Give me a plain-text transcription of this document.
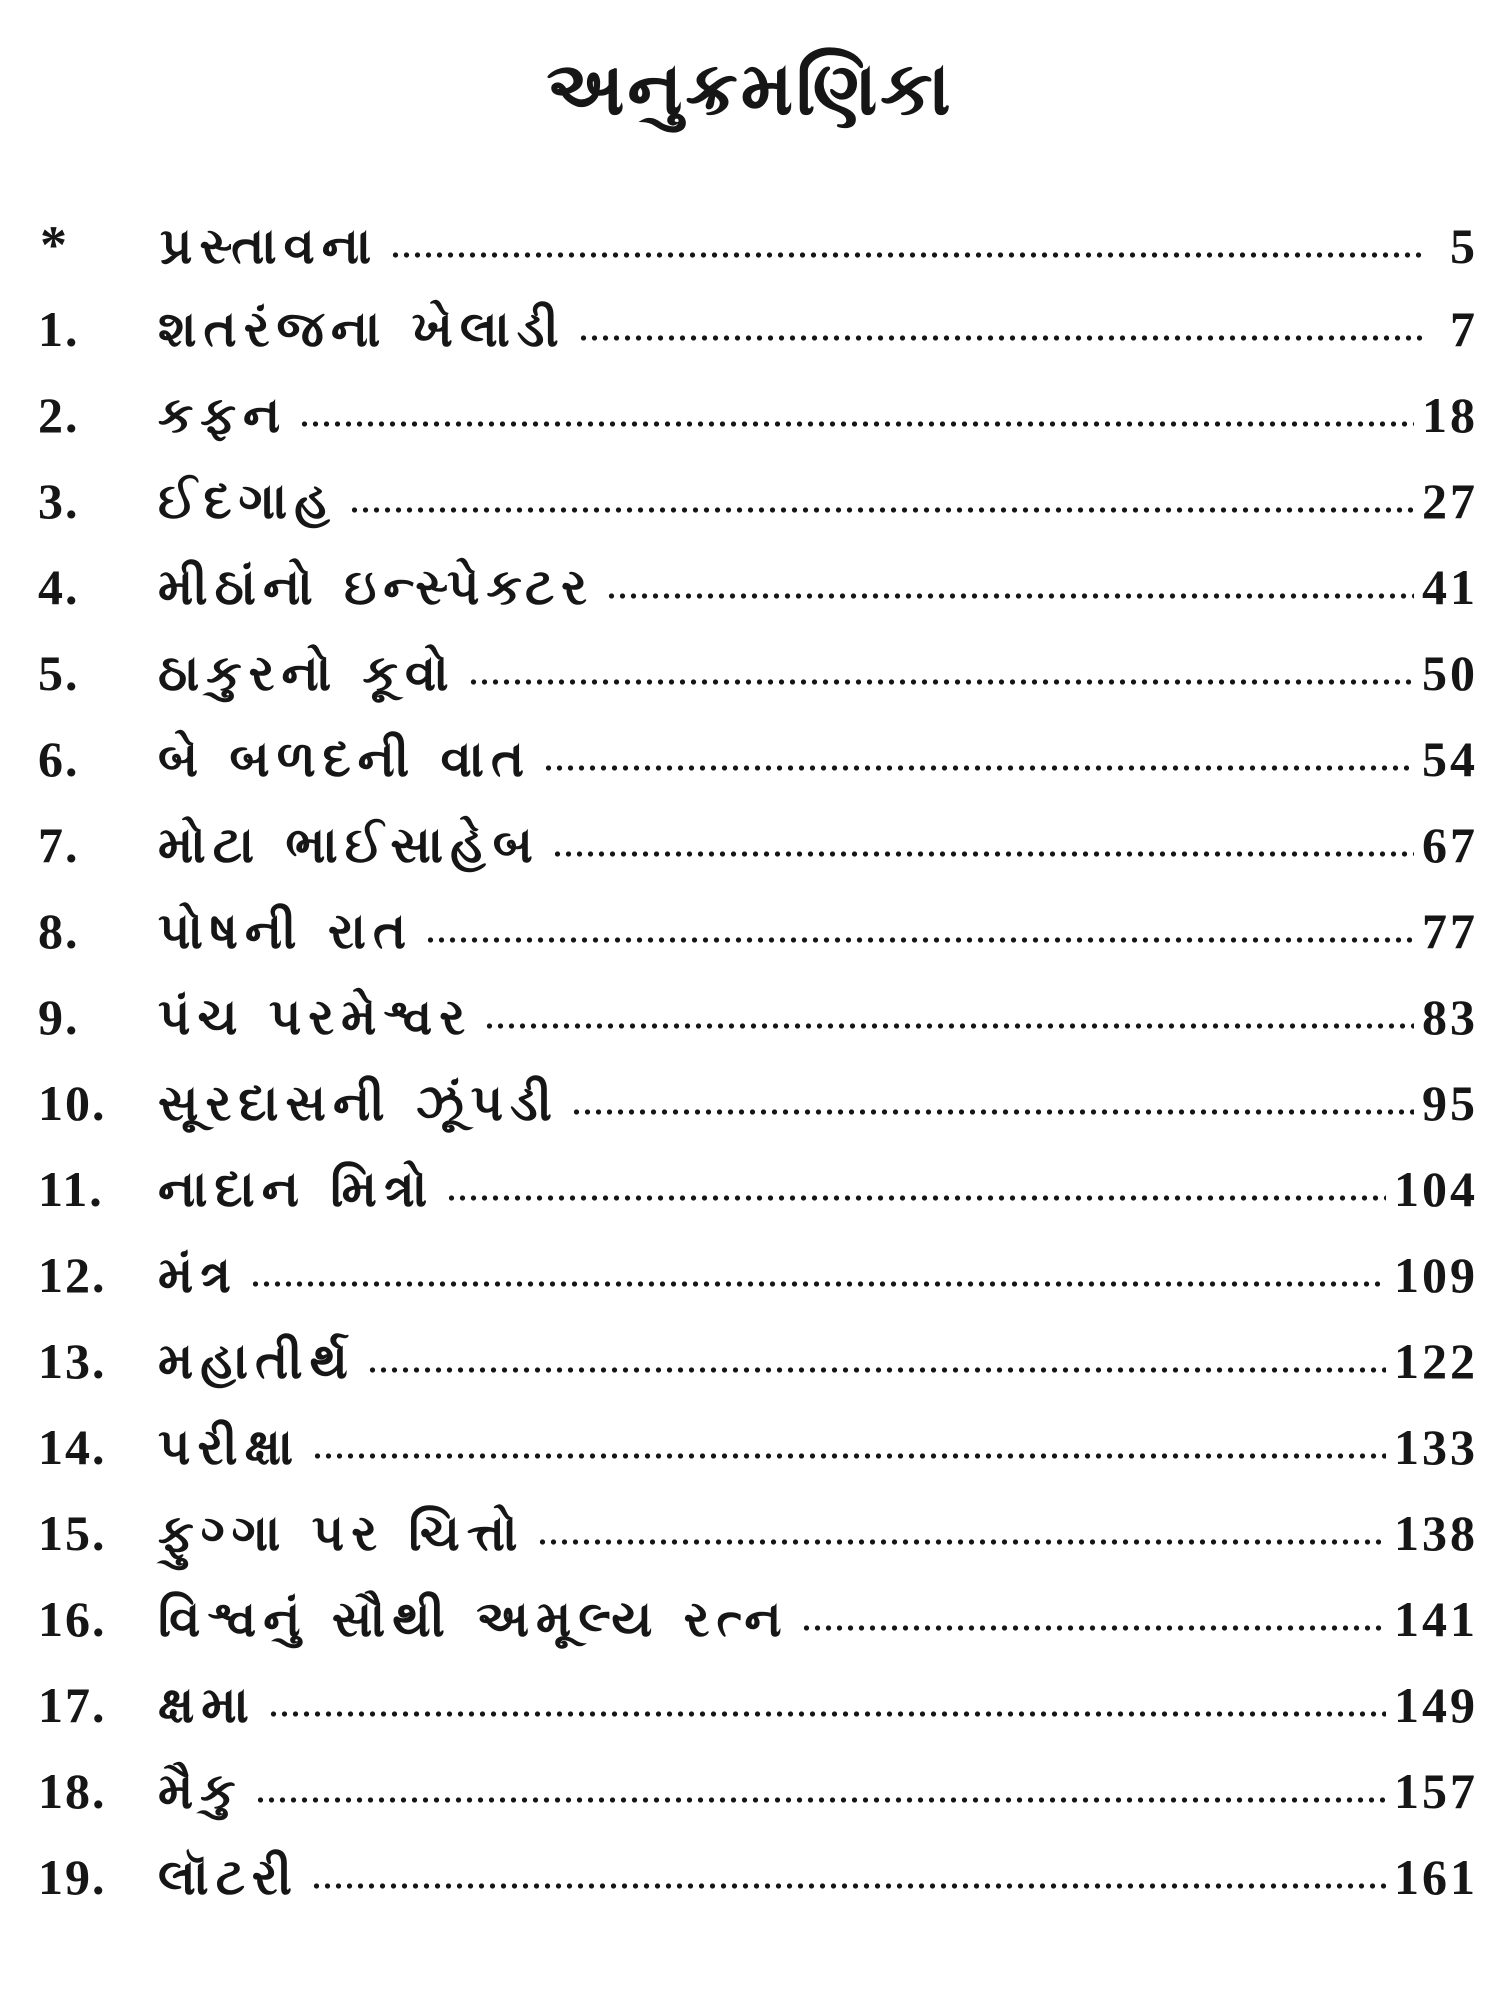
અનુક્રમણિકા
*	પ્રસ્તાવના	5
1.	શતરંજના ખેલાડી	7
2.	કફન	18
3.	ઈદગાહ	27
4.	મીઠાંનો ઇન્સ્પેક્ટર	41
5.	ઠાકુરનો કૂવો	50
6.	બે બળદની વાત	54
7.	મોટા ભાઈસાહેબ	67
8.	પોષની રાત	77
9.	પંચ પરમેશ્વર	83
10.	સૂરદાસની ઝૂંપડી	95
11.	નાદાન મિત્રો	104
12.	મંત્ર	109
13.	મહાતીર્થ	122
14.	પરીક્ષા	133
15.	ફુગ્ગા પર ચિત્તો	138
16.	વિશ્વનું સૌથી અમૂલ્ય રત્ન	141
17.	ક્ષમા	149
18.	મૈકુ	157
19.	લૉટરી	161
